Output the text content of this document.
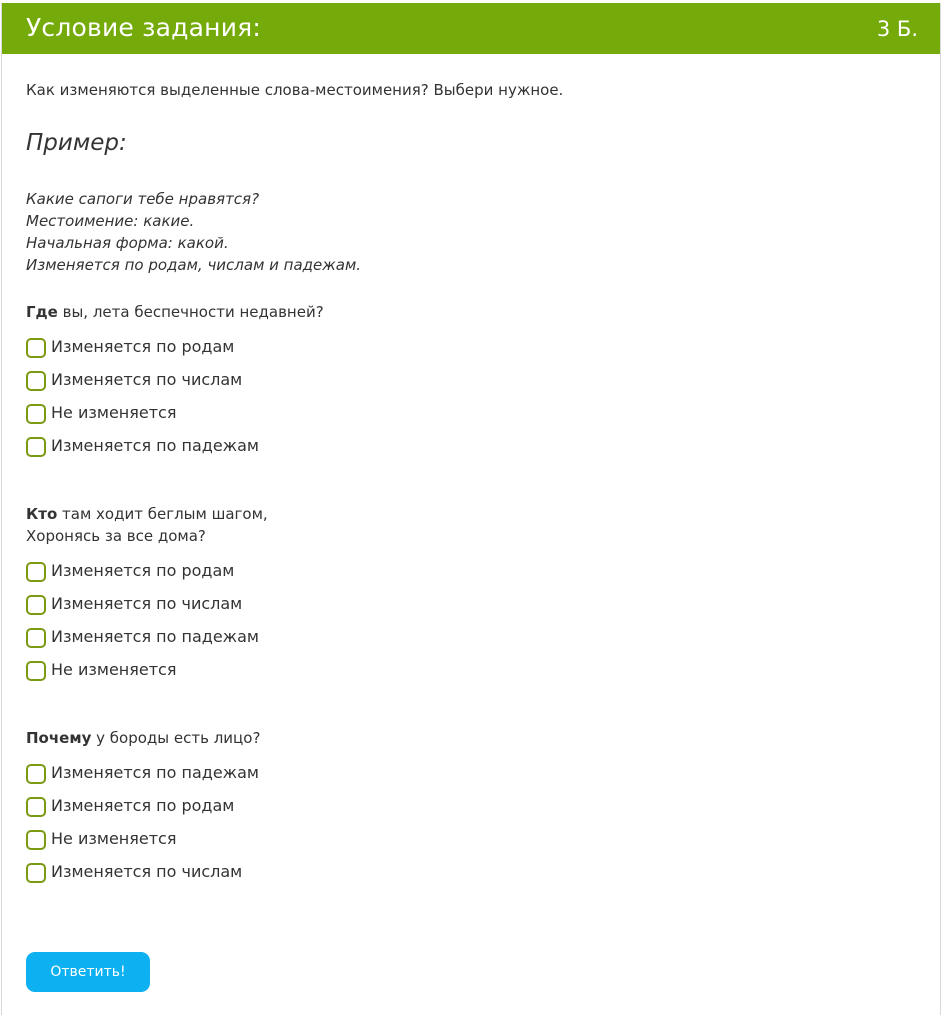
Условие задания:	3 Б.
Как изменяются выделенные слова-местоимения? Выбери нужное.
Пример:
Какие сапоги тебе нравятся?
Местоимение: какие.
Начальная форма: какой.
Изменяется по родам, числам и падежам.
Где вы, лета беспечности недавней?
Изменяется по родам
Изменяется по числам
Не изменяется
Изменяется по падежам
Кто там ходит беглым шагом,
Хоронясь за все дома?
Изменяется по родам
Изменяется по числам
Изменяется по падежам
Не изменяется
Почему у бороды есть лицо?
Изменяется по падежам
Изменяется по родам
Не изменяется
Изменяется по числам
Ответить!
